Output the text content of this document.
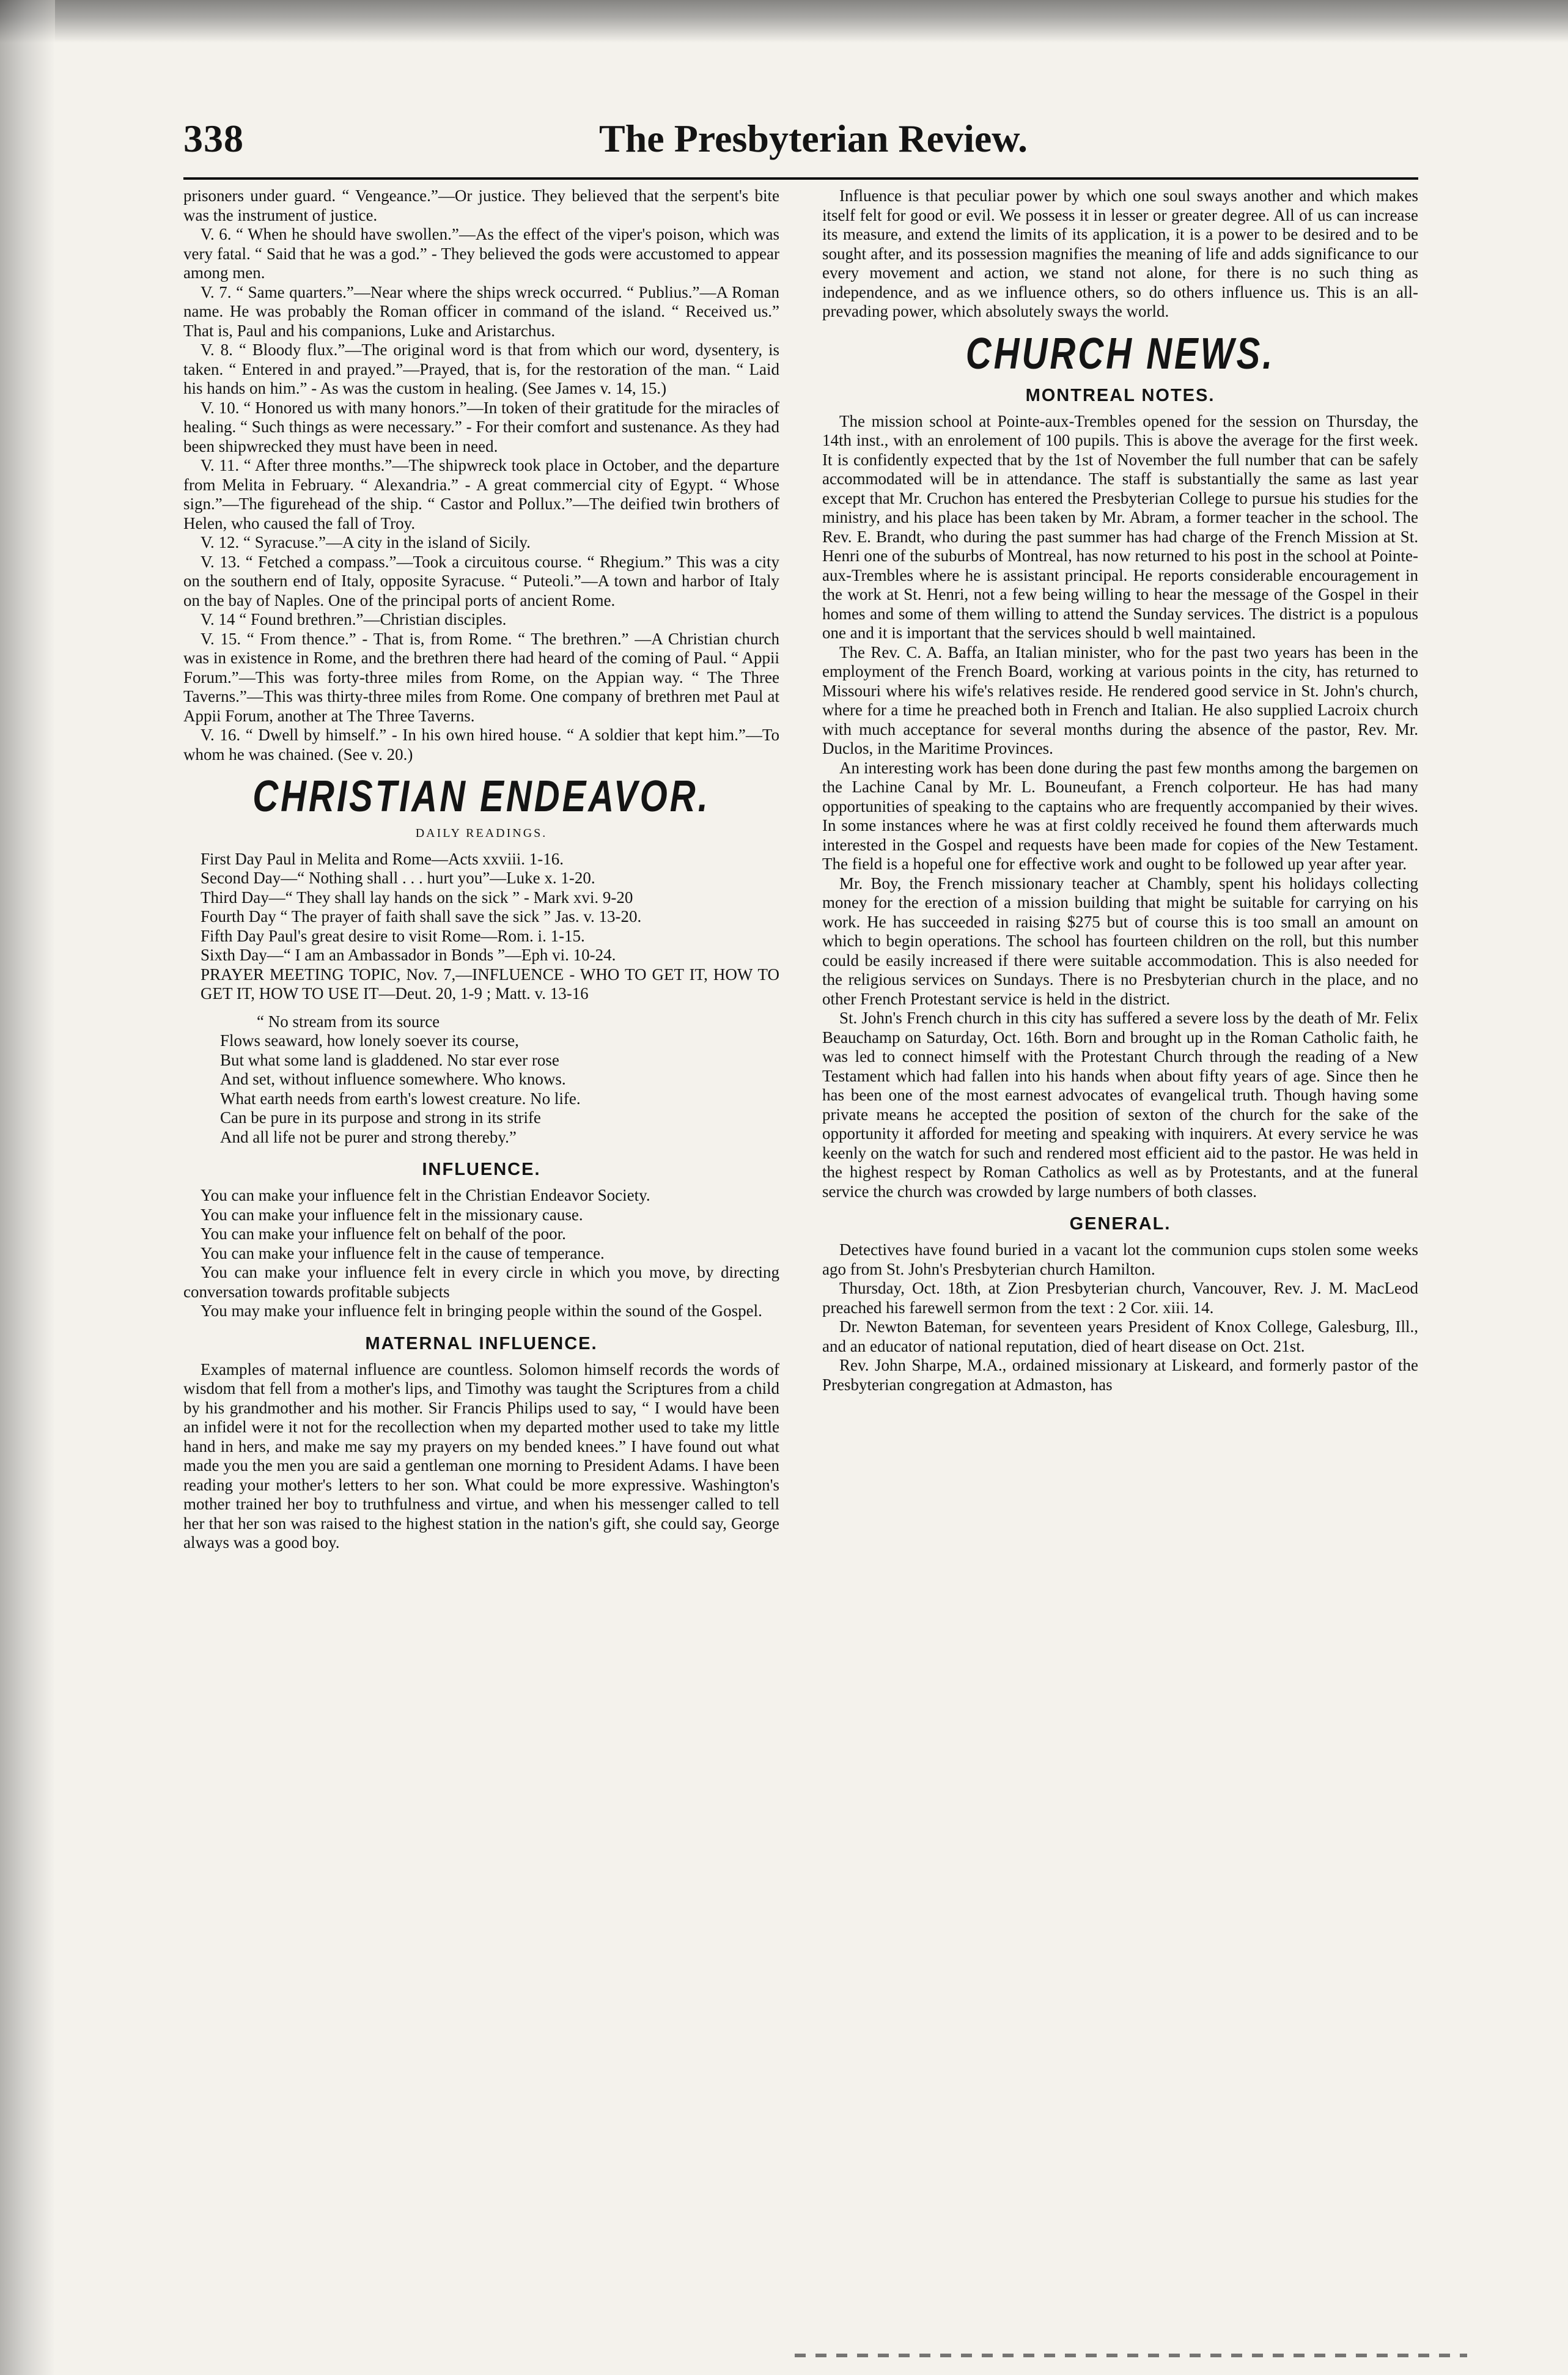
338	The Presbyterian Review.

prisoners under guard. “ Vengeance.”—Or justice. They believed that the serpent's bite was the instrument of justice.

V. 6. “ When he should have swollen.”—As the effect of the viper's poison, which was very fatal. “ Said that he was a god.” - They believed the gods were accustomed to appear among men.

V. 7. “ Same quarters.”—Near where the ships wreck occurred. “ Publius.”—A Roman name. He was probably the Roman officer in command of the island. “ Received us.” That is, Paul and his companions, Luke and Aristarchus.

V. 8. “ Bloody flux.”—The original word is that from which our word, dysentery, is taken. “ Entered in and prayed.”—Prayed, that is, for the restoration of the man. “ Laid his hands on him.” - As was the custom in healing. (See James v. 14, 15.)

V. 10. “ Honored us with many honors.”—In token of their gratitude for the miracles of healing. “ Such things as were necessary.” - For their comfort and sustenance. As they had been shipwrecked they must have been in need.

V. 11. “ After three months.”—The shipwreck took place in October, and the departure from Melita in February. “ Alexandria.” - A great commercial city of Egypt. “ Whose sign.”—The figurehead of the ship. “ Castor and Pollux.”—The deified twin brothers of Helen, who caused the fall of Troy.

V. 12. “ Syracuse.”—A city in the island of Sicily.

V. 13. “ Fetched a compass.”—Took a circuitous course. “ Rhegium.” This was a city on the southern end of Italy, opposite Syracuse. “ Puteoli.”—A town and harbor of Italy on the bay of Naples. One of the principal ports of ancient Rome.

V. 14 “ Found brethren.”—Christian disciples.

V. 15. “ From thence.” - That is, from Rome. “ The brethren.” —A Christian church was in existence in Rome, and the brethren there had heard of the coming of Paul. “ Appii Forum.”—This was forty-three miles from Rome, on the Appian way. “ The Three Taverns.”—This was thirty-three miles from Rome. One company of brethren met Paul at Appii Forum, another at The Three Taverns.

V. 16. “ Dwell by himself.” - In his own hired house. “ A soldier that kept him.”—To whom he was chained. (See v. 20.)

CHRISTIAN ENDEAVOR.
DAILY READINGS.

First Day Paul in Melita and Rome—Acts xxviii. 1-16.

Second Day—“ Nothing shall . . . hurt you”—Luke x. 1-20.

Third Day—“ They shall lay hands on the sick ” - Mark xvi. 9-20

Fourth Day “ The prayer of faith shall save the sick ” Jas. v. 13-20.

Fifth Day Paul's great desire to visit Rome—Rom. i. 1-15.

Sixth Day—“ I am an Ambassador in Bonds ”—Eph vi. 10-24.

PRAYER MEETING TOPIC, Nov. 7,—INFLUENCE - WHO TO GET IT, HOW TO GET IT, HOW TO USE IT—Deut. 20, 1-9 ; Matt. v. 13-16

“ No stream from its source
Flows seaward, how lonely soever its course,
But what some land is gladdened. No star ever rose
And set, without influence somewhere. Who knows.
What earth needs from earth's lowest creature. No life.
Can be pure in its purpose and strong in its strife
And all life not be purer and strong thereby.”
INFLUENCE.

You can make your influence felt in the Christian Endeavor Society.

You can make your influence felt in the missionary cause.

You can make your influence felt on behalf of the poor.

You can make your influence felt in the cause of temperance.

You can make your influence felt in every circle in which you move, by directing conversation towards profitable subjects

You may make your influence felt in bringing people within the sound of the Gospel.

MATERNAL INFLUENCE.

Examples of maternal influence are countless. Solomon himself records the words of wisdom that fell from a mother's lips, and Timothy was taught the Scriptures from a child by his grandmother and his mother. Sir Francis Philips used to say, “ I would have been an infidel were it not for the recollection when my departed mother used to take my little hand in hers, and make me say my prayers on my bended knees.” I have found out what made you the men you are said a gentleman one morning to President Adams. I have been reading your mother's letters to her son. What could be more expressive. Washington's mother trained her boy to truthfulness and virtue, and when his messenger called to tell her that her son was raised to the highest station in the nation's gift, she could say, George always was a good boy.

Influence is that peculiar power by which one soul sways another and which makes itself felt for good or evil. We possess it in lesser or greater degree. All of us can increase its measure, and extend the limits of its application, it is a power to be desired and to be sought after, and its possession magnifies the meaning of life and adds significance to our every movement and action, we stand not alone, for there is no such thing as independence, and as we influence others, so do others influence us. This is an all-prevading power, which absolutely sways the world.

CHURCH NEWS.
MONTREAL NOTES.

The mission school at Pointe-aux-Trembles opened for the session on Thursday, the 14th inst., with an enrolement of 100 pupils. This is above the average for the first week. It is confidently expected that by the 1st of November the full number that can be safely accommodated will be in attendance. The staff is substantially the same as last year except that Mr. Cruchon has entered the Presbyterian College to pursue his studies for the ministry, and his place has been taken by Mr. Abram, a former teacher in the school. The Rev. E. Brandt, who during the past summer has had charge of the French Mission at St. Henri one of the suburbs of Montreal, has now returned to his post in the school at Pointe-aux-Trembles where he is assistant principal. He reports considerable encouragement in the work at St. Henri, not a few being willing to hear the message of the Gospel in their homes and some of them willing to attend the Sunday services. The district is a populous one and it is important that the services should b well maintained.

The Rev. C. A. Baffa, an Italian minister, who for the past two years has been in the employment of the French Board, working at various points in the city, has returned to Missouri where his wife's relatives reside. He rendered good service in St. John's church, where for a time he preached both in French and Italian. He also supplied Lacroix church with much acceptance for several months during the absence of the pastor, Rev. Mr. Duclos, in the Maritime Provinces.

An interesting work has been done during the past few months among the bargemen on the Lachine Canal by Mr. L. Bouneufant, a French colporteur. He has had many opportunities of speaking to the captains who are frequently accompanied by their wives. In some instances where he was at first coldly received he found them afterwards much interested in the Gospel and requests have been made for copies of the New Testament. The field is a hopeful one for effective work and ought to be followed up year after year.

Mr. Boy, the French missionary teacher at Chambly, spent his holidays collecting money for the erection of a mission building that might be suitable for carrying on his work. He has succeeded in raising $275 but of course this is too small an amount on which to begin operations. The school has fourteen children on the roll, but this number could be easily increased if there were suitable accommodation. This is also needed for the religious services on Sundays. There is no Presbyterian church in the place, and no other French Protestant service is held in the district.

St. John's French church in this city has suffered a severe loss by the death of Mr. Felix Beauchamp on Saturday, Oct. 16th. Born and brought up in the Roman Catholic faith, he was led to connect himself with the Protestant Church through the reading of a New Testament which had fallen into his hands when about fifty years of age. Since then he has been one of the most earnest advocates of evangelical truth. Though having some private means he accepted the position of sexton of the church for the sake of the opportunity it afforded for meeting and speaking with inquirers. At every service he was keenly on the watch for such and rendered most efficient aid to the pastor. He was held in the highest respect by Roman Catholics as well as by Protestants, and at the funeral service the church was crowded by large numbers of both classes.

GENERAL.

Detectives have found buried in a vacant lot the communion cups stolen some weeks ago from St. John's Presbyterian church Hamilton.

Thursday, Oct. 18th, at Zion Presbyterian church, Vancouver, Rev. J. M. MacLeod preached his farewell sermon from the text : 2 Cor. xiii. 14.

Dr. Newton Bateman, for seventeen years President of Knox College, Galesburg, Ill., and an educator of national reputation, died of heart disease on Oct. 21st.

Rev. John Sharpe, M.A., ordained missionary at Liskeard, and formerly pastor of the Presbyterian congregation at Admaston, has
